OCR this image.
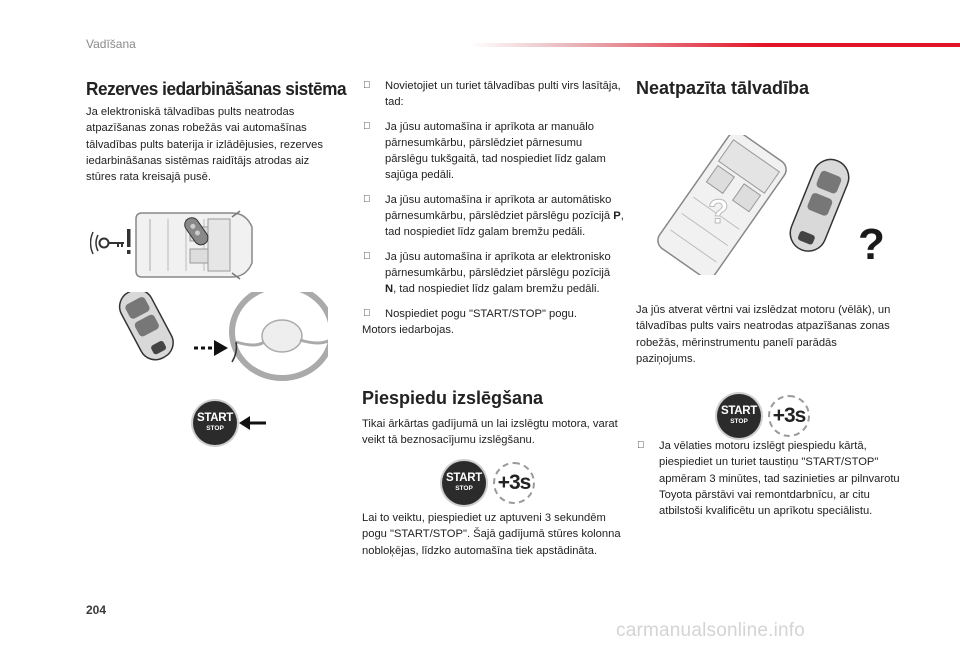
Vadīšana
Rezerves iedarbināšanas sistēma
Ja elektroniskā tālvadības pults neatrodas atpazīšanas zonas robežās vai automašīnas tālvadības pults baterija ir izlādējusies, rezerves iedarbināšanas sistēmas raidītājs atrodas aiz stūres rata kreisajā pusē.
START
STOP
Novietojiet un turiet tālvadības pulti virs lasītāja, tad:
Ja jūsu automašīna ir aprīkota ar manuālo pārnesumkārbu, pārslēdziet pārnesumu pārslēgu tukšgaitā, tad nospiediet līdz galam sajūga pedāli.
Ja jūsu automašīna ir aprīkota ar automātisko pārnesumkārbu, pārslēdziet pārslēgu pozīcijā P, tad nospiediet līdz galam bremžu pedāli.
Ja jūsu automašīna ir aprīkota ar elektronisko pārnesumkārbu, pārslēdziet pārslēgu pozīcijā N, tad nospiediet līdz galam bremžu pedāli.
Nospiediet pogu "START/STOP" pogu.
Motors iedarbojas.
Piespiedu izslēgšana
Tikai ārkārtas gadījumā un lai izslēgtu motora, varat veikt tā beznosacījumu izslēgšanu.
START
STOP +3s
Lai to veiktu, piespiediet uz aptuveni 3 sekundēm pogu "START/STOP". Šajā gadījumā stūres kolonna nobloķējas, līdzko automašīna tiek apstādināta.
Neatpazīta tālvadība
?
?
Ja jūs atverat vērtni vai izslēdzat motoru (vēlāk), un tālvadības pults vairs neatrodas atpazīšanas zonas robežās, mērinstrumentu panelī parādās paziņojums.
START
STOP +3s
Ja vēlaties motoru izslēgt piespiedu kārtā, piespiediet un turiet taustiņu "START/STOP" apmēram 3 minūtes, tad sazinieties ar pilnvarotu Toyota pārstāvi vai remontdarbnīcu, ar citu atbilstoši kvalificētu un aprīkotu speciālistu.
204
carmanualsonline.info
